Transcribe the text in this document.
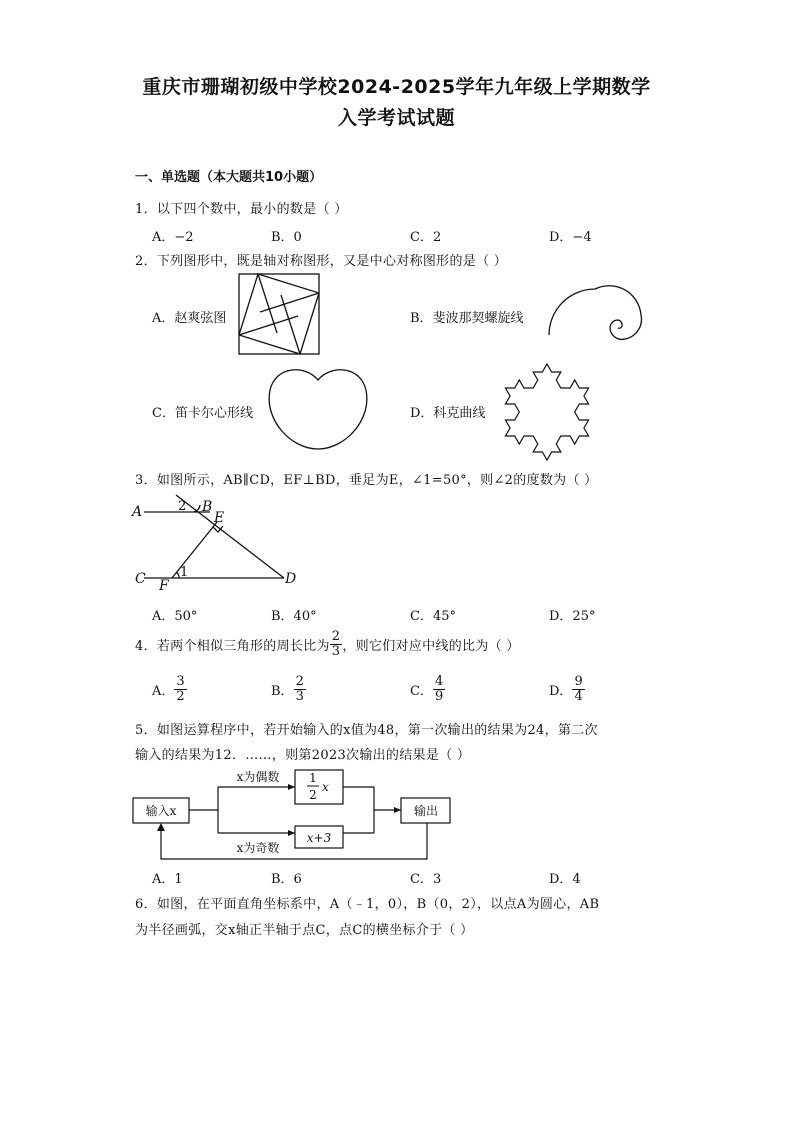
重庆市珊瑚初级中学校2024-2025学年九年级上学期数学
入学考试试题
一、单选题（本大题共10小题）
1．以下四个数中，最小的数是（ ）
A．−2	B．0	C．2	D．−4
2．下列图形中，既是轴对称图形，又是中心对称图形的是（ ）
A．赵爽弦图	B．斐波那契螺旋线
C．笛卡尔心形线	D．科克曲线
3．如图所示，AB∥CD，EF⊥BD，垂足为E，∠1=50°，则∠2的度数为（ ）
A	B
E
C F	D
1
2
A．50°	B．40°	C．45°	D．25°
4．若两个相似三角形的周长比为 $\frac{2}{3}$ ，则它们对应中线的比为（ ）
A． $\frac{3}{2}$	B． $\frac{2}{3}$	C． $\frac{4}{9}$	D． $\frac{9}{4}$
5．如图运算程序中，若开始输入的x值为48，第一次输出的结果为24，第二次
输入的结果为12．……，则第2023次输出的结果是（ ）
输入x	输出
x为偶数
x为奇数
1
2
x
x+3
A．1	B．6	C．3	D．4
6．如图，在平面直角坐标系中，A（﹣1，0），B（0，2），以点A为圆心，AB
为半径画弧，交x轴正半轴于点C，点C的横坐标介于（ ）
